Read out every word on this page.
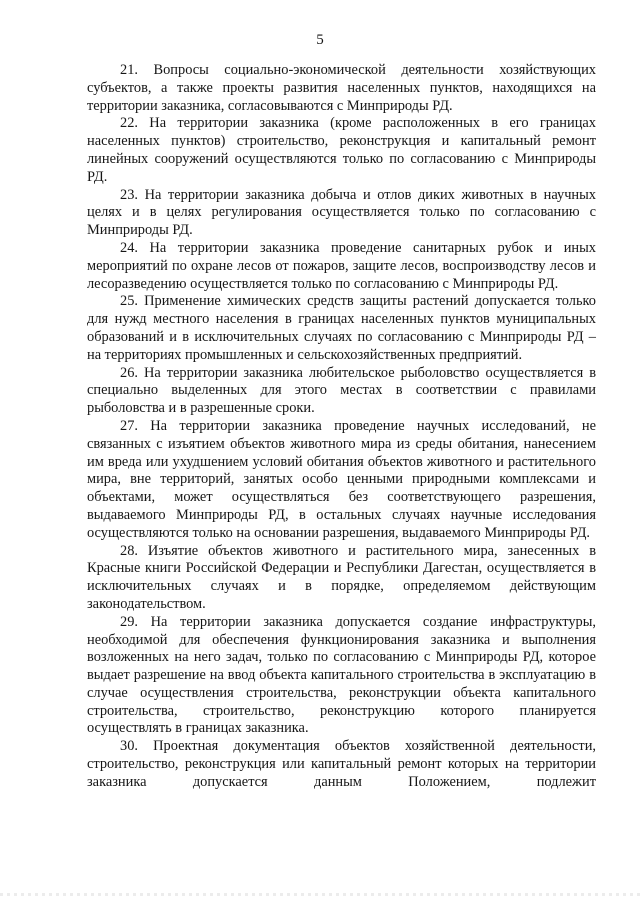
5

21. Вопросы социально-экономической деятельности хозяйствующих субъектов, а также проекты развития населенных пунктов, находящихся на территории заказника, согласовываются с Минприроды РД.

22. На территории заказника (кроме расположенных в его границах населенных пунктов) строительство, реконструкция и капитальный ремонт линейных сооружений осуществляются только по согласованию с Минприроды РД.

23. На территории заказника добыча и отлов диких животных в научных целях и в целях регулирования осуществляется только по согласованию с Минприроды РД.

24. На территории заказника проведение санитарных рубок и иных мероприятий по охране лесов от пожаров, защите лесов, воспроизводству лесов и лесоразведению осуществляется только по согласованию с Минприроды РД.

25. Применение химических средств защиты растений допускается только для нужд местного населения в границах населенных пунктов муниципальных образований и в исключительных случаях по согласованию с Минприроды РД – на территориях промышленных и сельскохозяйственных предприятий.

26. На территории заказника любительское рыболовство осуществляется в специально выделенных для этого местах в соответствии с правилами рыболовства и в разрешенные сроки.

27. На территории заказника проведение научных исследований, не связанных с изъятием объектов животного мира из среды обитания, нанесением им вреда или ухудшением условий обитания объектов животного и растительного мира, вне территорий, занятых особо ценными природными комплексами и объектами, может осуществляться без соответствующего разрешения, выдаваемого Минприроды РД, в остальных случаях научные исследования осуществляются только на основании разрешения, выдаваемого Минприроды РД.

28. Изъятие объектов животного и растительного мира, занесенных в Красные книги Российской Федерации и Республики Дагестан, осуществляется в исключительных случаях и в порядке, определяемом действующим законодательством.

29. На территории заказника допускается создание инфраструктуры, необходимой для обеспечения функционирования заказника и выполнения возложенных на него задач, только по согласованию с Минприроды РД, которое выдает разрешение на ввод объекта капитального строительства в эксплуатацию в случае осуществления строительства, реконструкции объекта капитального строительства, строительство, реконструкцию которого планируется осуществлять в границах заказника.

30. Проектная документация объектов хозяйственной деятельности, строительство, реконструкция или капитальный ремонт которых на территории заказника допускается данным Положением, подлежит
